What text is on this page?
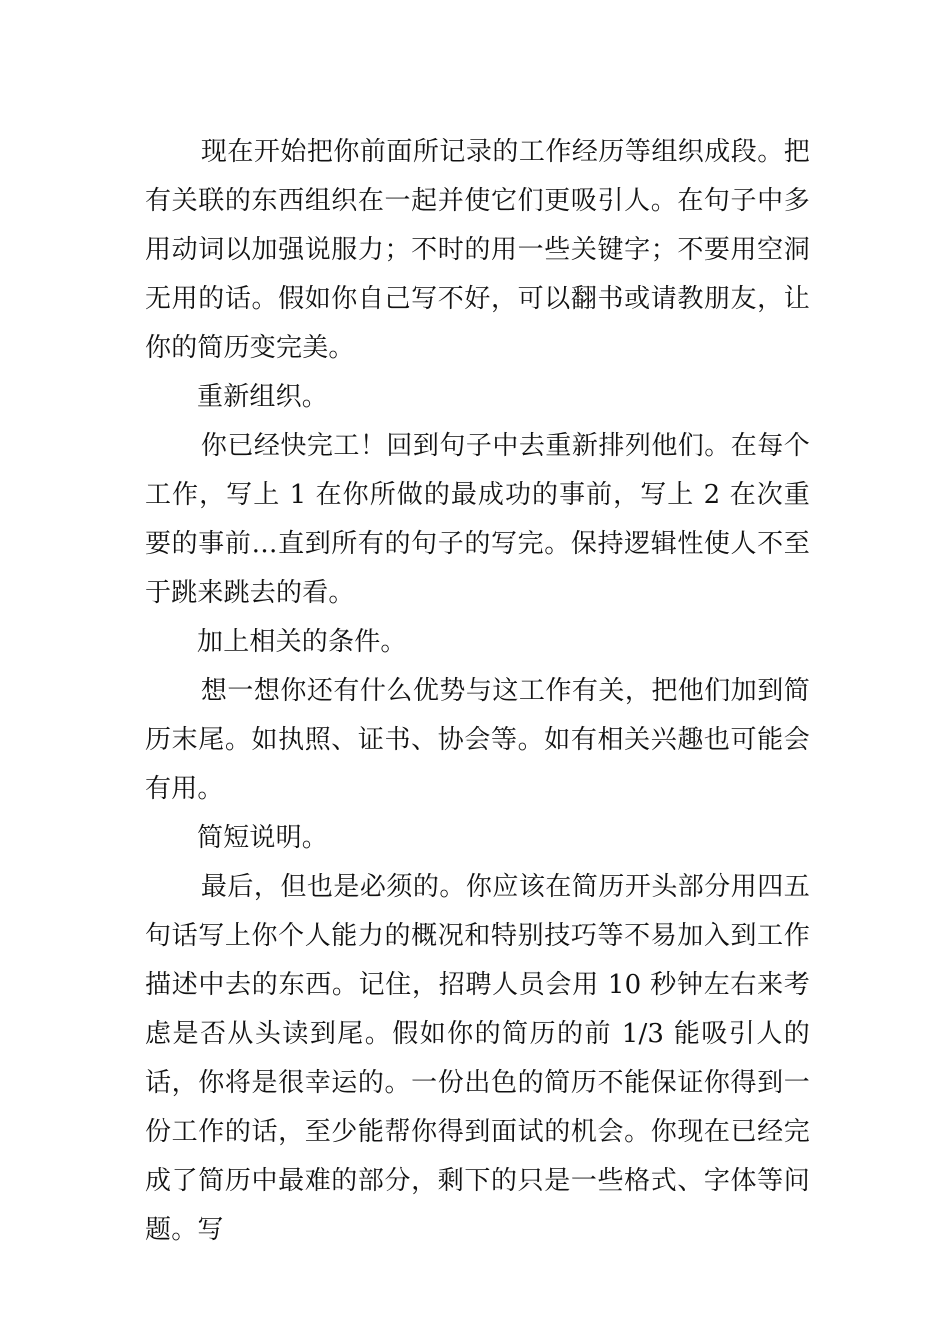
现在开始把你前面所记录的工作经历等组织成段。把有关联的东西组织在一起并使它们更吸引人。在句子中多用动词以加强说服力；不时的用一些关键字；不要用空洞无用的话。假如你自己写不好，可以翻书或请教朋友，让你的简历变完美。

重新组织。

你已经快完工！回到句子中去重新排列他们。在每个工作，写上 1 在你所做的最成功的事前，写上 2 在次重要的事前…直到所有的句子的写完。保持逻辑性使人不至于跳来跳去的看。

加上相关的条件。

想一想你还有什么优势与这工作有关，把他们加到简历末尾。如执照、证书、协会等。如有相关兴趣也可能会有用。

简短说明。

最后，但也是必须的。你应该在简历开头部分用四五句话写上你个人能力的概况和特别技巧等不易加入到工作描述中去的东西。记住，招聘人员会用 10 秒钟左右来考虑是否从头读到尾。假如你的简历的前 1/3 能吸引人的话，你将是很幸运的。一份出色的简历不能保证你得到一份工作的话，至少能帮你得到面试的机会。你现在已经完成了简历中最难的部分，剩下的只是一些格式、字体等问题。写
